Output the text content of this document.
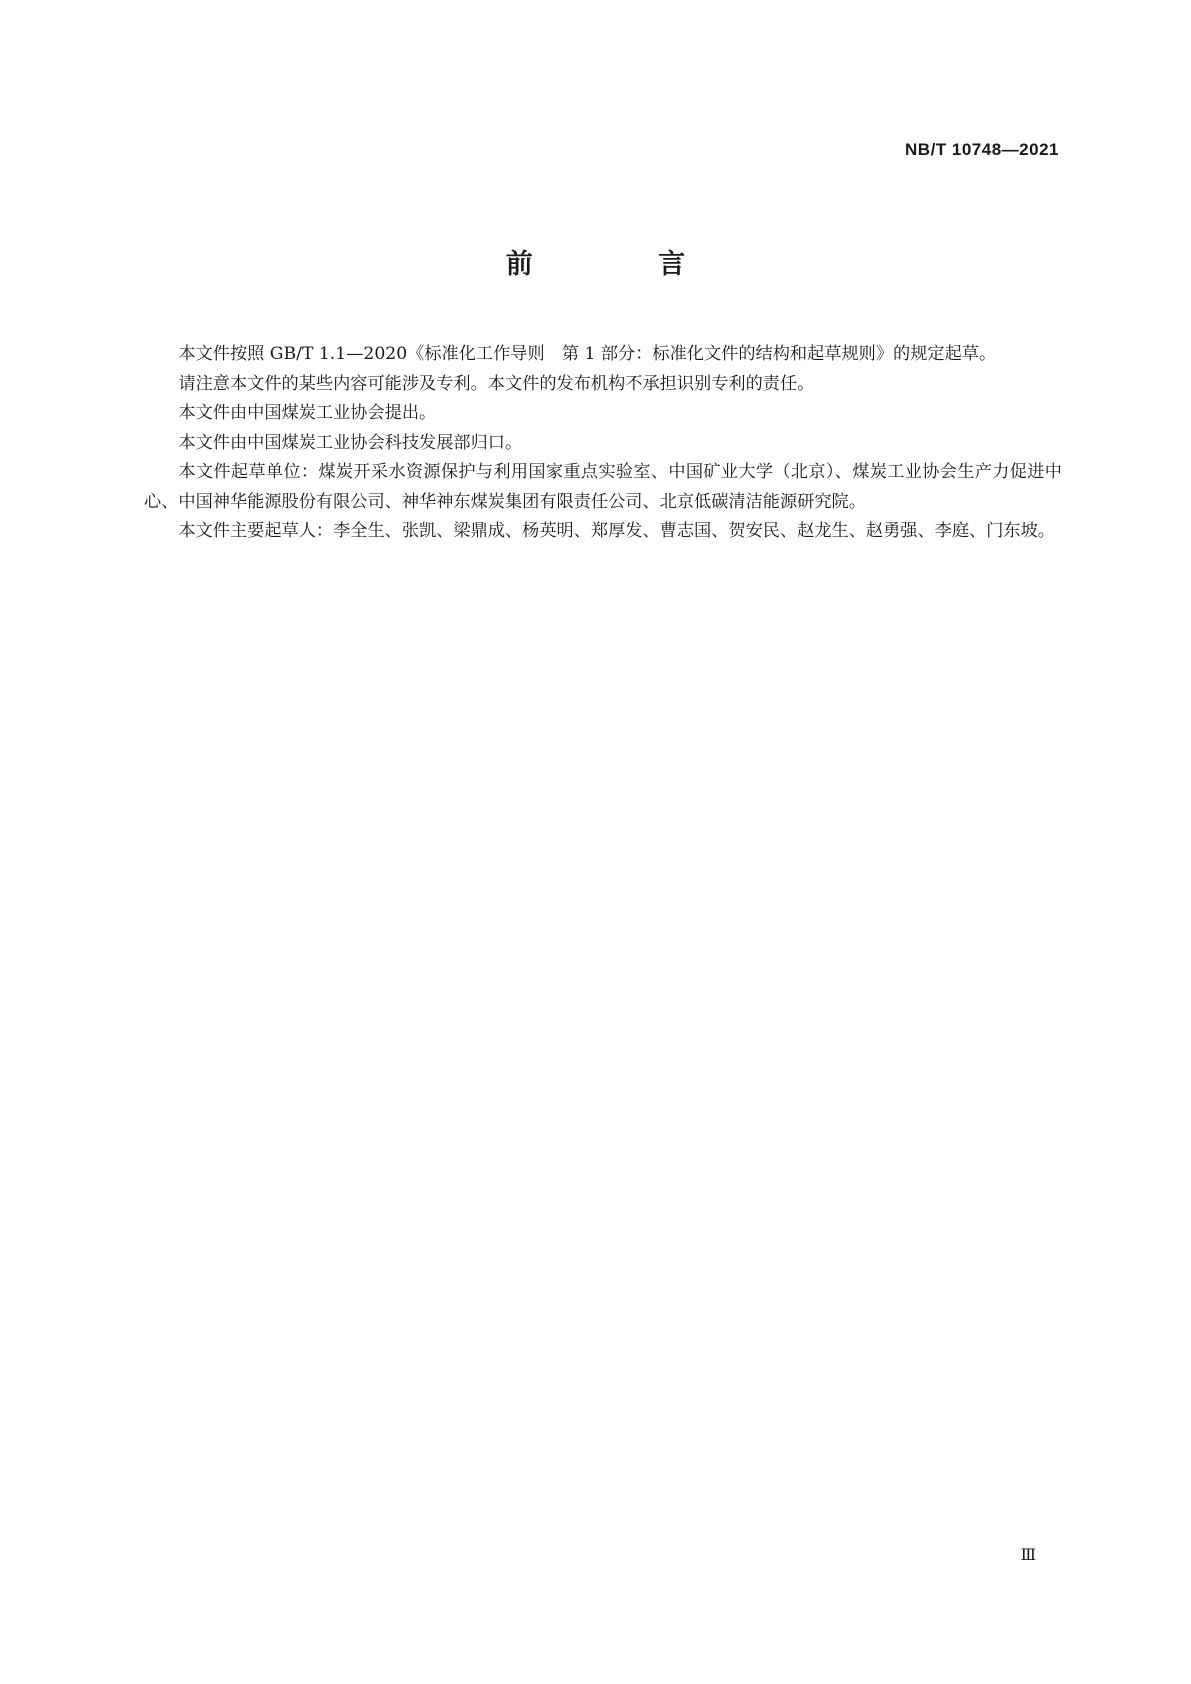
NB/T 10748—2021
前 言

本文件按照 GB/T 1.1—2020《标准化工作导则　第 1 部分：标准化文件的结构和起草规则》的规定起草。

请注意本文件的某些内容可能涉及专利。本文件的发布机构不承担识别专利的责任。

本文件由中国煤炭工业协会提出。

本文件由中国煤炭工业协会科技发展部归口。

本文件起草单位：煤炭开采水资源保护与利用国家重点实验室、中国矿业大学（北京）、煤炭工业协会生产力促进中心、中国神华能源股份有限公司、神华神东煤炭集团有限责任公司、北京低碳清洁能源研究院。

本文件主要起草人：李全生、张凯、梁鼎成、杨英明、郑厚发、曹志国、贺安民、赵龙生、赵勇强、李庭、门东坡。

Ⅲ
